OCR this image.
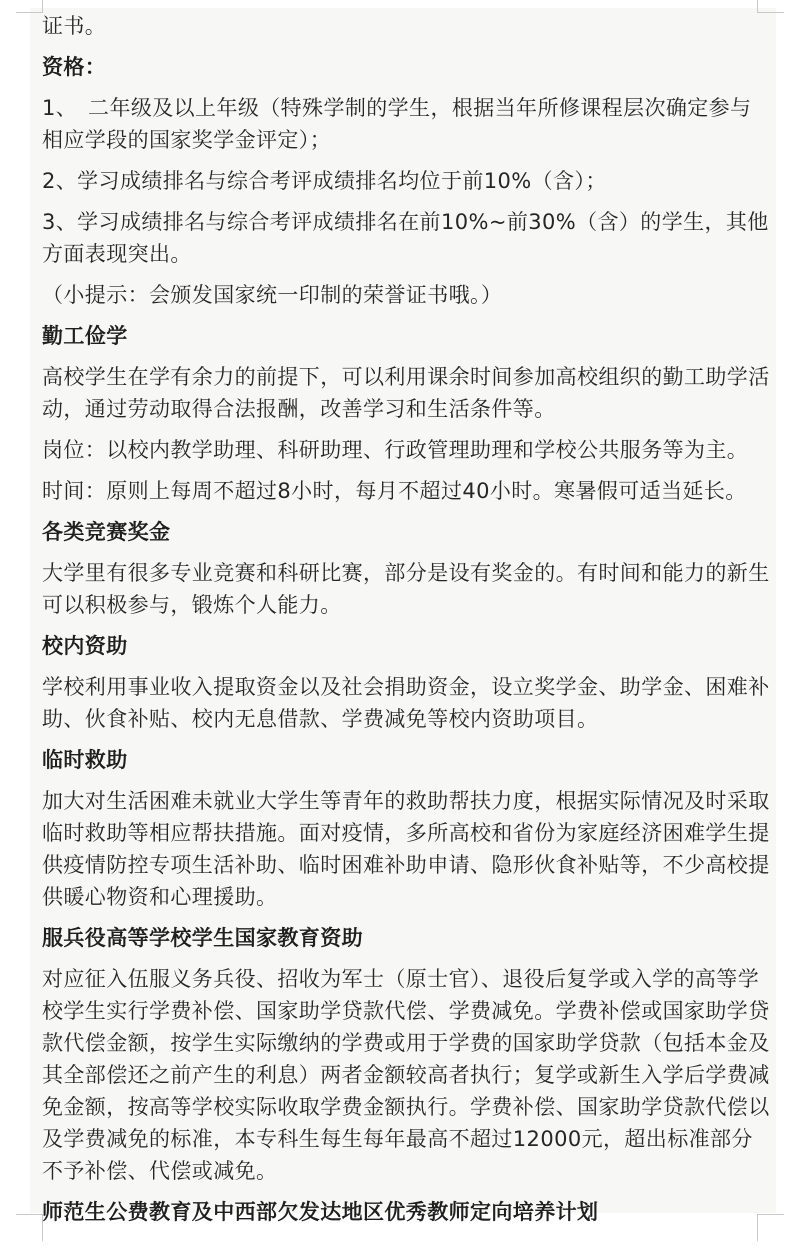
证书。

资格：

1、　二年级及以上年级（特殊学制的学生，根据当年所修课程层次确定参与相应学段的国家奖学金评定）；

2、学习成绩排名与综合考评成绩排名均位于前10%（含）；

3、学习成绩排名与综合考评成绩排名在前10%~前30%（含）的学生，其他方面表现突出。

（小提示：会颁发国家统一印制的荣誉证书哦。）

勤工俭学

高校学生在学有余力的前提下，可以利用课余时间参加高校组织的勤工助学活动，通过劳动取得合法报酬，改善学习和生活条件等。

岗位：以校内教学助理、科研助理、行政管理助理和学校公共服务等为主。

时间：原则上每周不超过8小时，每月不超过40小时。寒暑假可适当延长。

各类竞赛奖金

大学里有很多专业竞赛和科研比赛，部分是设有奖金的。有时间和能力的新生可以积极参与，锻炼个人能力。

校内资助

学校利用事业收入提取资金以及社会捐助资金，设立奖学金、助学金、困难补助、伙食补贴、校内无息借款、学费减免等校内资助项目。

临时救助

加大对生活困难未就业大学生等青年的救助帮扶力度，根据实际情况及时采取临时救助等相应帮扶措施。面对疫情，多所高校和省份为家庭经济困难学生提供疫情防控专项生活补助、临时困难补助申请、隐形伙食补贴等，不少高校提供暖心物资和心理援助。

服兵役高等学校学生国家教育资助

对应征入伍服义务兵役、招收为军士（原士官）、退役后复学或入学的高等学校学生实行学费补偿、国家助学贷款代偿、学费减免。学费补偿或国家助学贷款代偿金额，按学生实际缴纳的学费或用于学费的国家助学贷款（包括本金及其全部偿还之前产生的利息）两者金额较高者执行；复学或新生入学后学费减免金额，按高等学校实际收取学费金额执行。学费补偿、国家助学贷款代偿以及学费减免的标准，本专科生每生每年最高不超过12000元，超出标准部分不予补偿、代偿或减免。

师范生公费教育及中西部欠发达地区优秀教师定向培养计划
